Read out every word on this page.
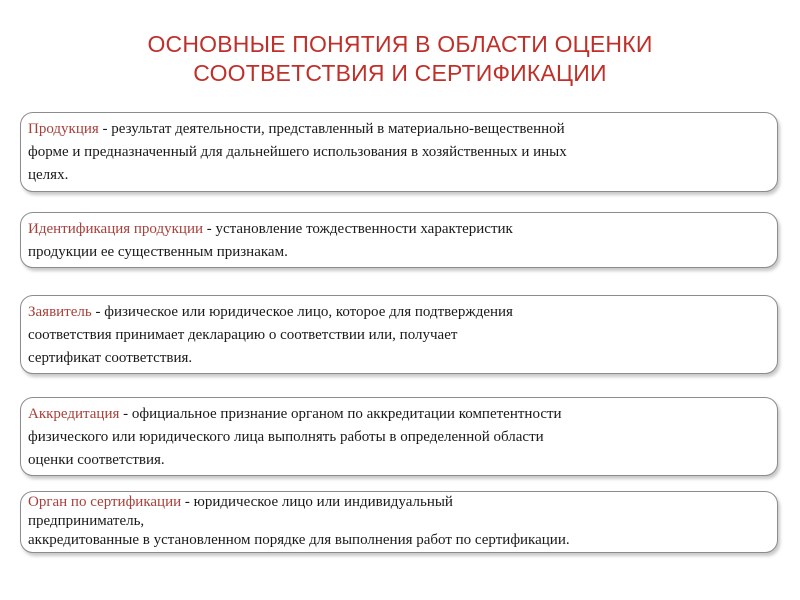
ОСНОВНЫЕ ПОНЯТИЯ В ОБЛАСТИ ОЦЕНКИ
СООТВЕТСТВИЯ И СЕРТИФИКАЦИИ
Продукция - результат деятельности, представленный в материально-вещественной
форме и предназначенный для дальнейшего использования в хозяйственных и иных
целях.
Идентификация продукции - установление тождественности характеристик
продукции ее существенным признакам.
Заявитель - физическое или юридическое лицо, которое для подтверждения
соответствия принимает декларацию о соответствии или, получает
сертификат соответствия.
Аккредитация - официальное признание органом по аккредитации компетентности
физического или юридического лица выполнять работы в определенной области
оценки соответствия.
Орган по сертификации - юридическое лицо или индивидуальный
предприниматель,
аккредитованные в установленном порядке для выполнения работ по сертификации.
